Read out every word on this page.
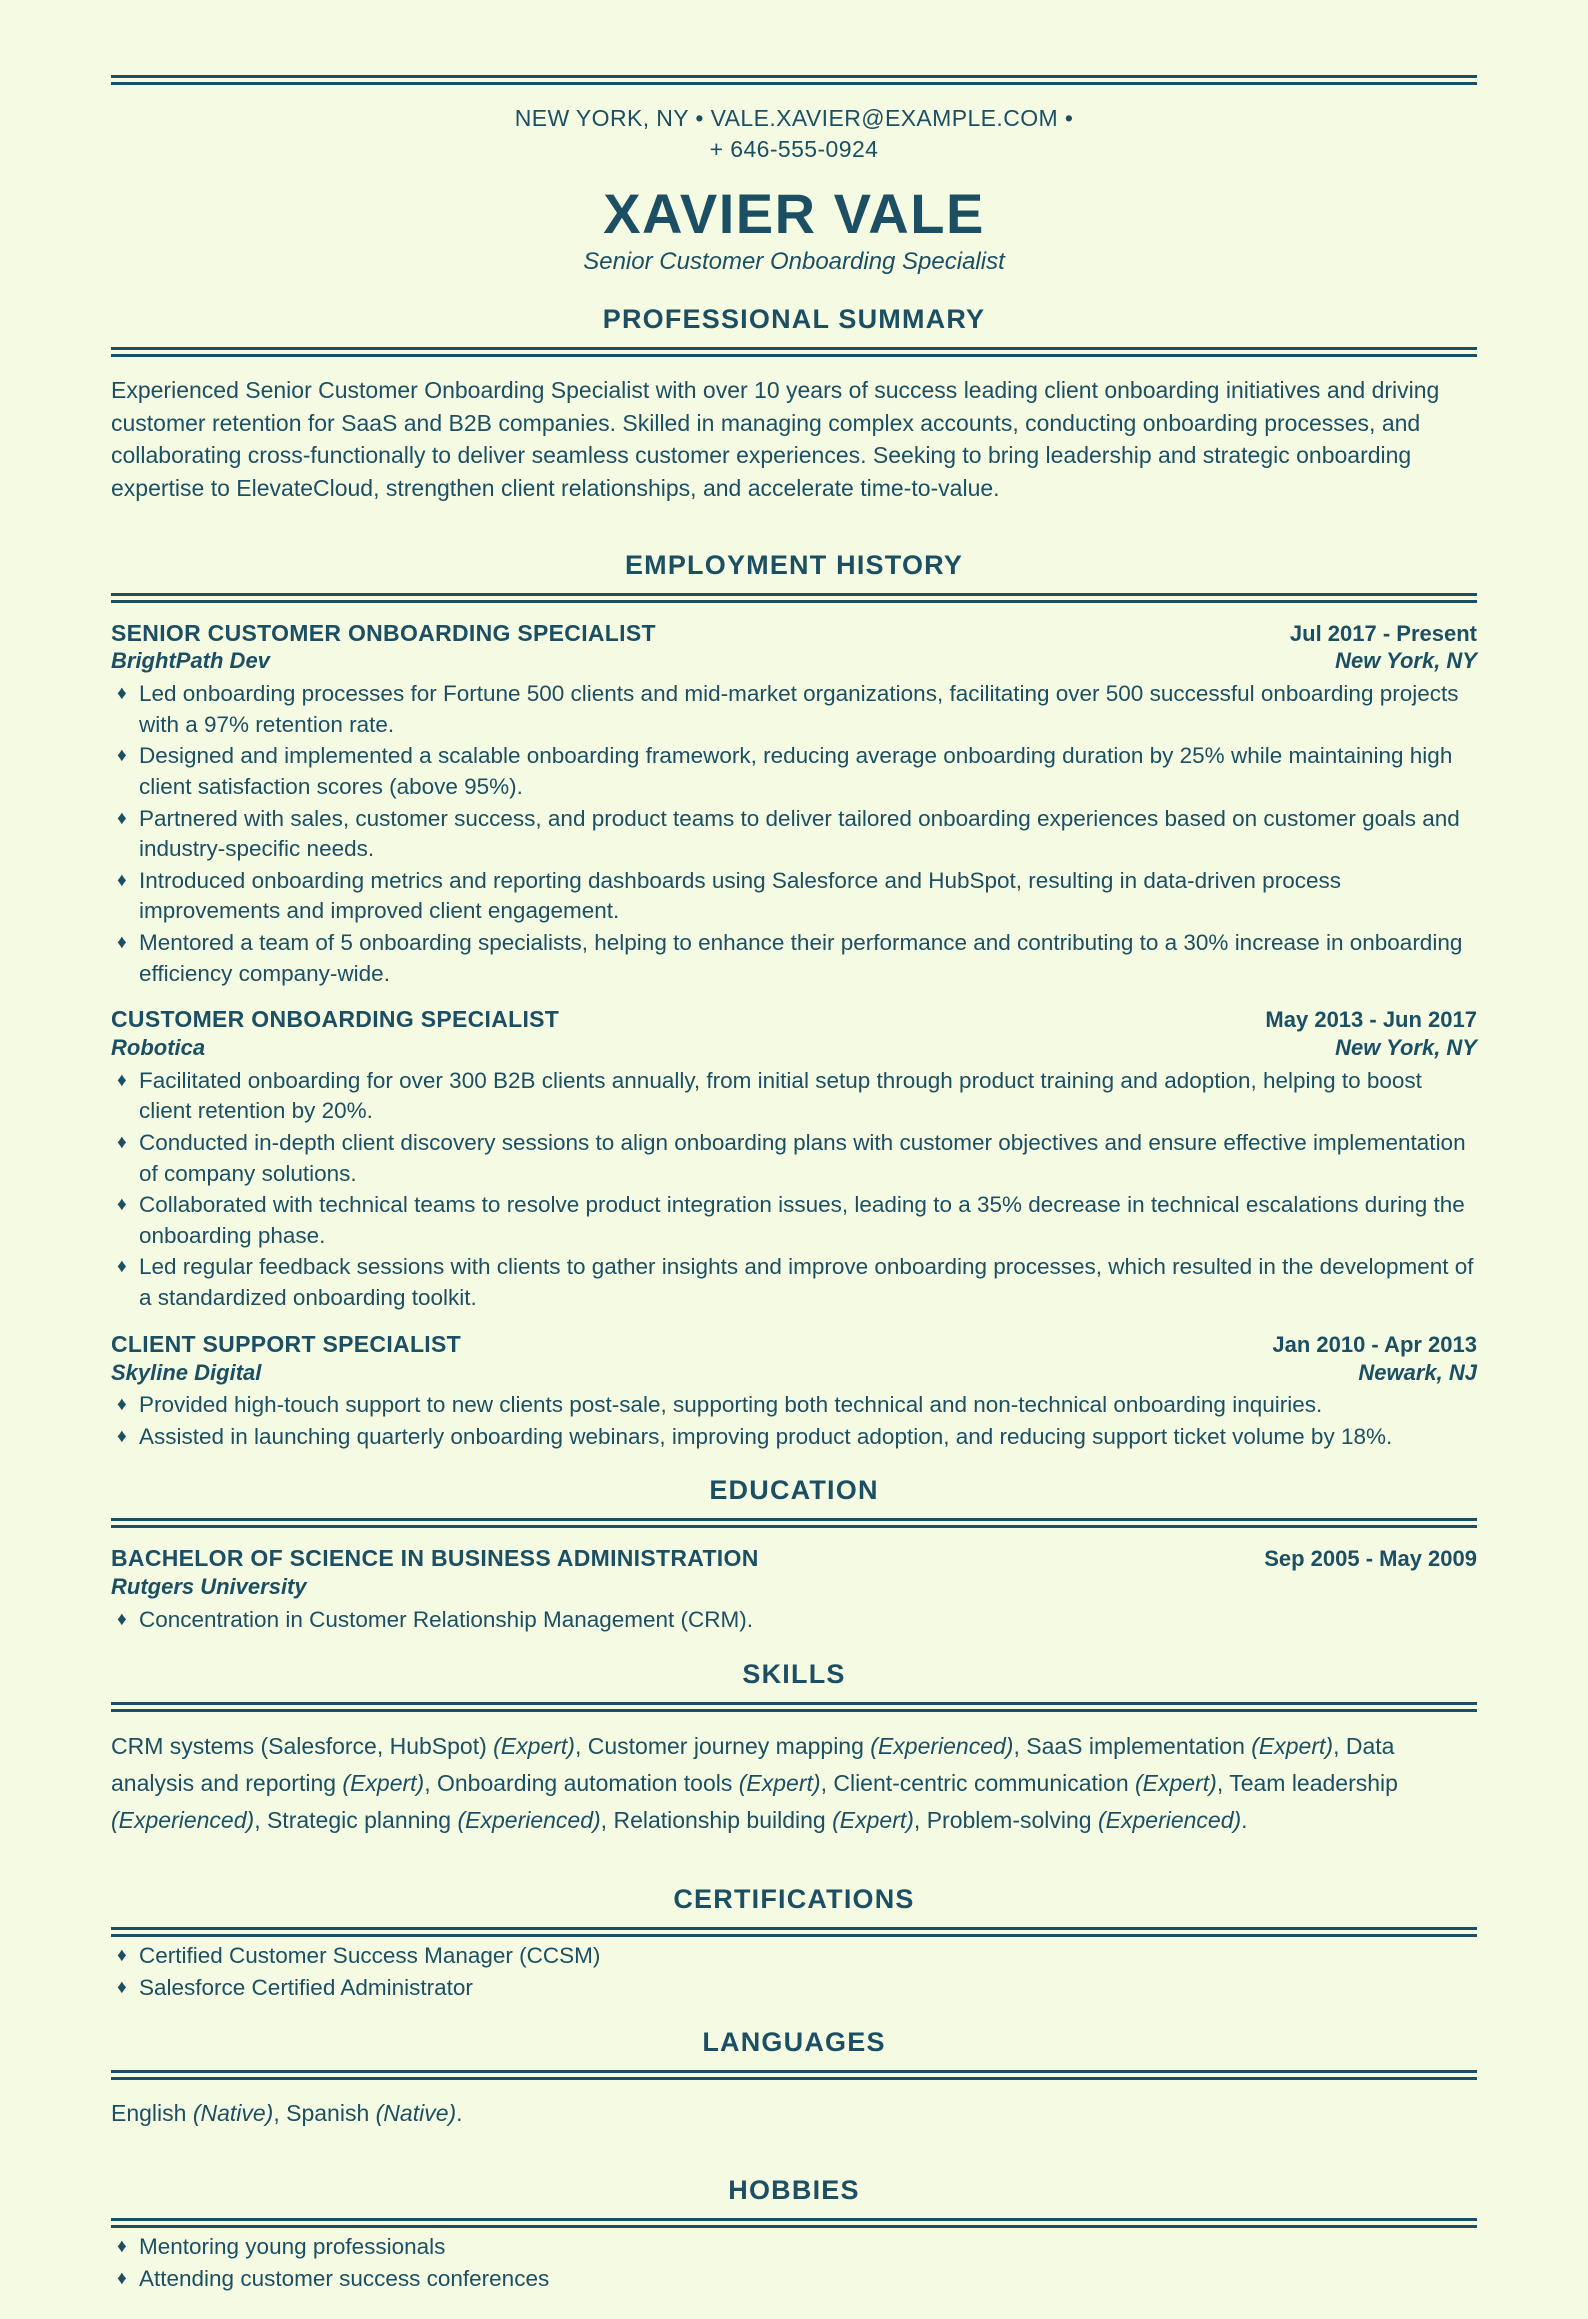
NEW YORK, NY • VALE.XAVIER@EXAMPLE.COM •
+ 646-555-0924
XAVIER VALE
Senior Customer Onboarding Specialist
PROFESSIONAL SUMMARY

Experienced Senior Customer Onboarding Specialist with over 10 years of success leading client onboarding initiatives and driving customer retention for SaaS and B2B companies. Skilled in managing complex accounts, conducting onboarding processes, and collaborating cross-functionally to deliver seamless customer experiences. Seeking to bring leadership and strategic onboarding expertise to ElevateCloud, strengthen client relationships, and accelerate time-to-value.

EMPLOYMENT HISTORY
SENIOR CUSTOMER ONBOARDING SPECIALIST	Jul 2017 - Present
BrightPath Dev	New York, NY
♦ Led onboarding processes for Fortune 500 clients and mid-market organizations, facilitating over 500 successful onboarding projects with a 97% retention rate.
♦ Designed and implemented a scalable onboarding framework, reducing average onboarding duration by 25% while maintaining high client satisfaction scores (above 95%).
♦ Partnered with sales, customer success, and product teams to deliver tailored onboarding experiences based on customer goals and industry-specific needs.
♦ Introduced onboarding metrics and reporting dashboards using Salesforce and HubSpot, resulting in data-driven process improvements and improved client engagement.
♦ Mentored a team of 5 onboarding specialists, helping to enhance their performance and contributing to a 30% increase in onboarding efficiency company-wide.
CUSTOMER ONBOARDING SPECIALIST	May 2013 - Jun 2017
Robotica	New York, NY
♦ Facilitated onboarding for over 300 B2B clients annually, from initial setup through product training and adoption, helping to boost client retention by 20%.
♦ Conducted in-depth client discovery sessions to align onboarding plans with customer objectives and ensure effective implementation of company solutions.
♦ Collaborated with technical teams to resolve product integration issues, leading to a 35% decrease in technical escalations during the onboarding phase.
♦ Led regular feedback sessions with clients to gather insights and improve onboarding processes, which resulted in the development of a standardized onboarding toolkit.
CLIENT SUPPORT SPECIALIST	Jan 2010 - Apr 2013
Skyline Digital	Newark, NJ
♦ Provided high-touch support to new clients post-sale, supporting both technical and non-technical onboarding inquiries.
♦ Assisted in launching quarterly onboarding webinars, improving product adoption, and reducing support ticket volume by 18%.
EDUCATION
BACHELOR OF SCIENCE IN BUSINESS ADMINISTRATION	Sep 2005 - May 2009
Rutgers University
♦ Concentration in Customer Relationship Management (CRM).
SKILLS

CRM systems (Salesforce, HubSpot) (Expert), Customer journey mapping (Experienced), SaaS implementation (Expert), Data analysis and reporting (Expert), Onboarding automation tools (Expert), Client-centric communication (Expert), Team leadership (Experienced), Strategic planning (Experienced), Relationship building (Expert), Problem-solving (Experienced).

CERTIFICATIONS
♦ Certified Customer Success Manager (CCSM)
♦ Salesforce Certified Administrator
LANGUAGES

English (Native), Spanish (Native).

HOBBIES
♦ Mentoring young professionals
♦ Attending customer success conferences
